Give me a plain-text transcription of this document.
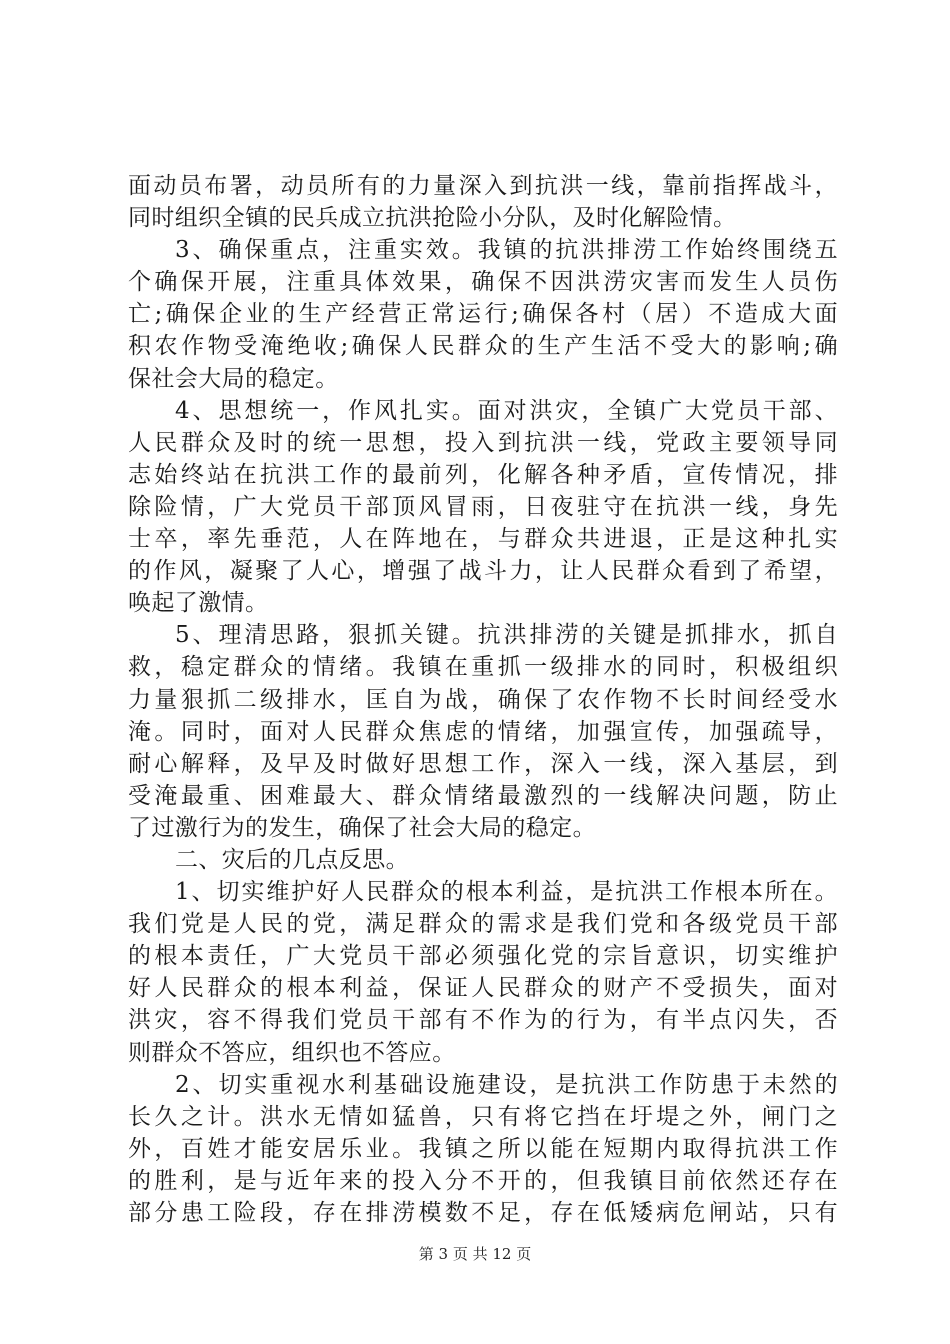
面动员布署，动员所有的力量深入到抗洪一线，靠前指挥战斗，
同时组织全镇的民兵成立抗洪抢险小分队，及时化解险情。
3、确保重点，注重实效。我镇的抗洪排涝工作始终围绕五
个确保开展，注重具体效果，确保不因洪涝灾害而发生人员伤
亡;确保企业的生产经营正常运行;确保各村（居）不造成大面
积农作物受淹绝收;确保人民群众的生产生活不受大的影响;确
保社会大局的稳定。
4、思想统一，作风扎实。面对洪灾，全镇广大党员干部、
人民群众及时的统一思想，投入到抗洪一线，党政主要领导同
志始终站在抗洪工作的最前列，化解各种矛盾，宣传情况，排
除险情，广大党员干部顶风冒雨，日夜驻守在抗洪一线，身先
士卒，率先垂范，人在阵地在，与群众共进退，正是这种扎实
的作风，凝聚了人心，增强了战斗力，让人民群众看到了希望，
唤起了激情。
5、理清思路，狠抓关键。抗洪排涝的关键是抓排水，抓自
救，稳定群众的情绪。我镇在重抓一级排水的同时，积极组织
力量狠抓二级排水，匡自为战，确保了农作物不长时间经受水
淹。同时，面对人民群众焦虑的情绪，加强宣传，加强疏导，
耐心解释，及早及时做好思想工作，深入一线，深入基层，到
受淹最重、困难最大、群众情绪最激烈的一线解决问题，防止
了过激行为的发生，确保了社会大局的稳定。
二、灾后的几点反思。
1、切实维护好人民群众的根本利益，是抗洪工作根本所在。
我们党是人民的党，满足群众的需求是我们党和各级党员干部
的根本责任，广大党员干部必须强化党的宗旨意识，切实维护
好人民群众的根本利益，保证人民群众的财产不受损失，面对
洪灾，容不得我们党员干部有不作为的行为，有半点闪失，否
则群众不答应，组织也不答应。
2、切实重视水利基础设施建设，是抗洪工作防患于未然的
长久之计。洪水无情如猛兽，只有将它挡在圩堤之外，闸门之
外，百姓才能安居乐业。我镇之所以能在短期内取得抗洪工作
的胜利，是与近年来的投入分不开的，但我镇目前依然还存在
部分患工险段，存在排涝模数不足，存在低矮病危闸站，只有
第 3 页 共 12 页
